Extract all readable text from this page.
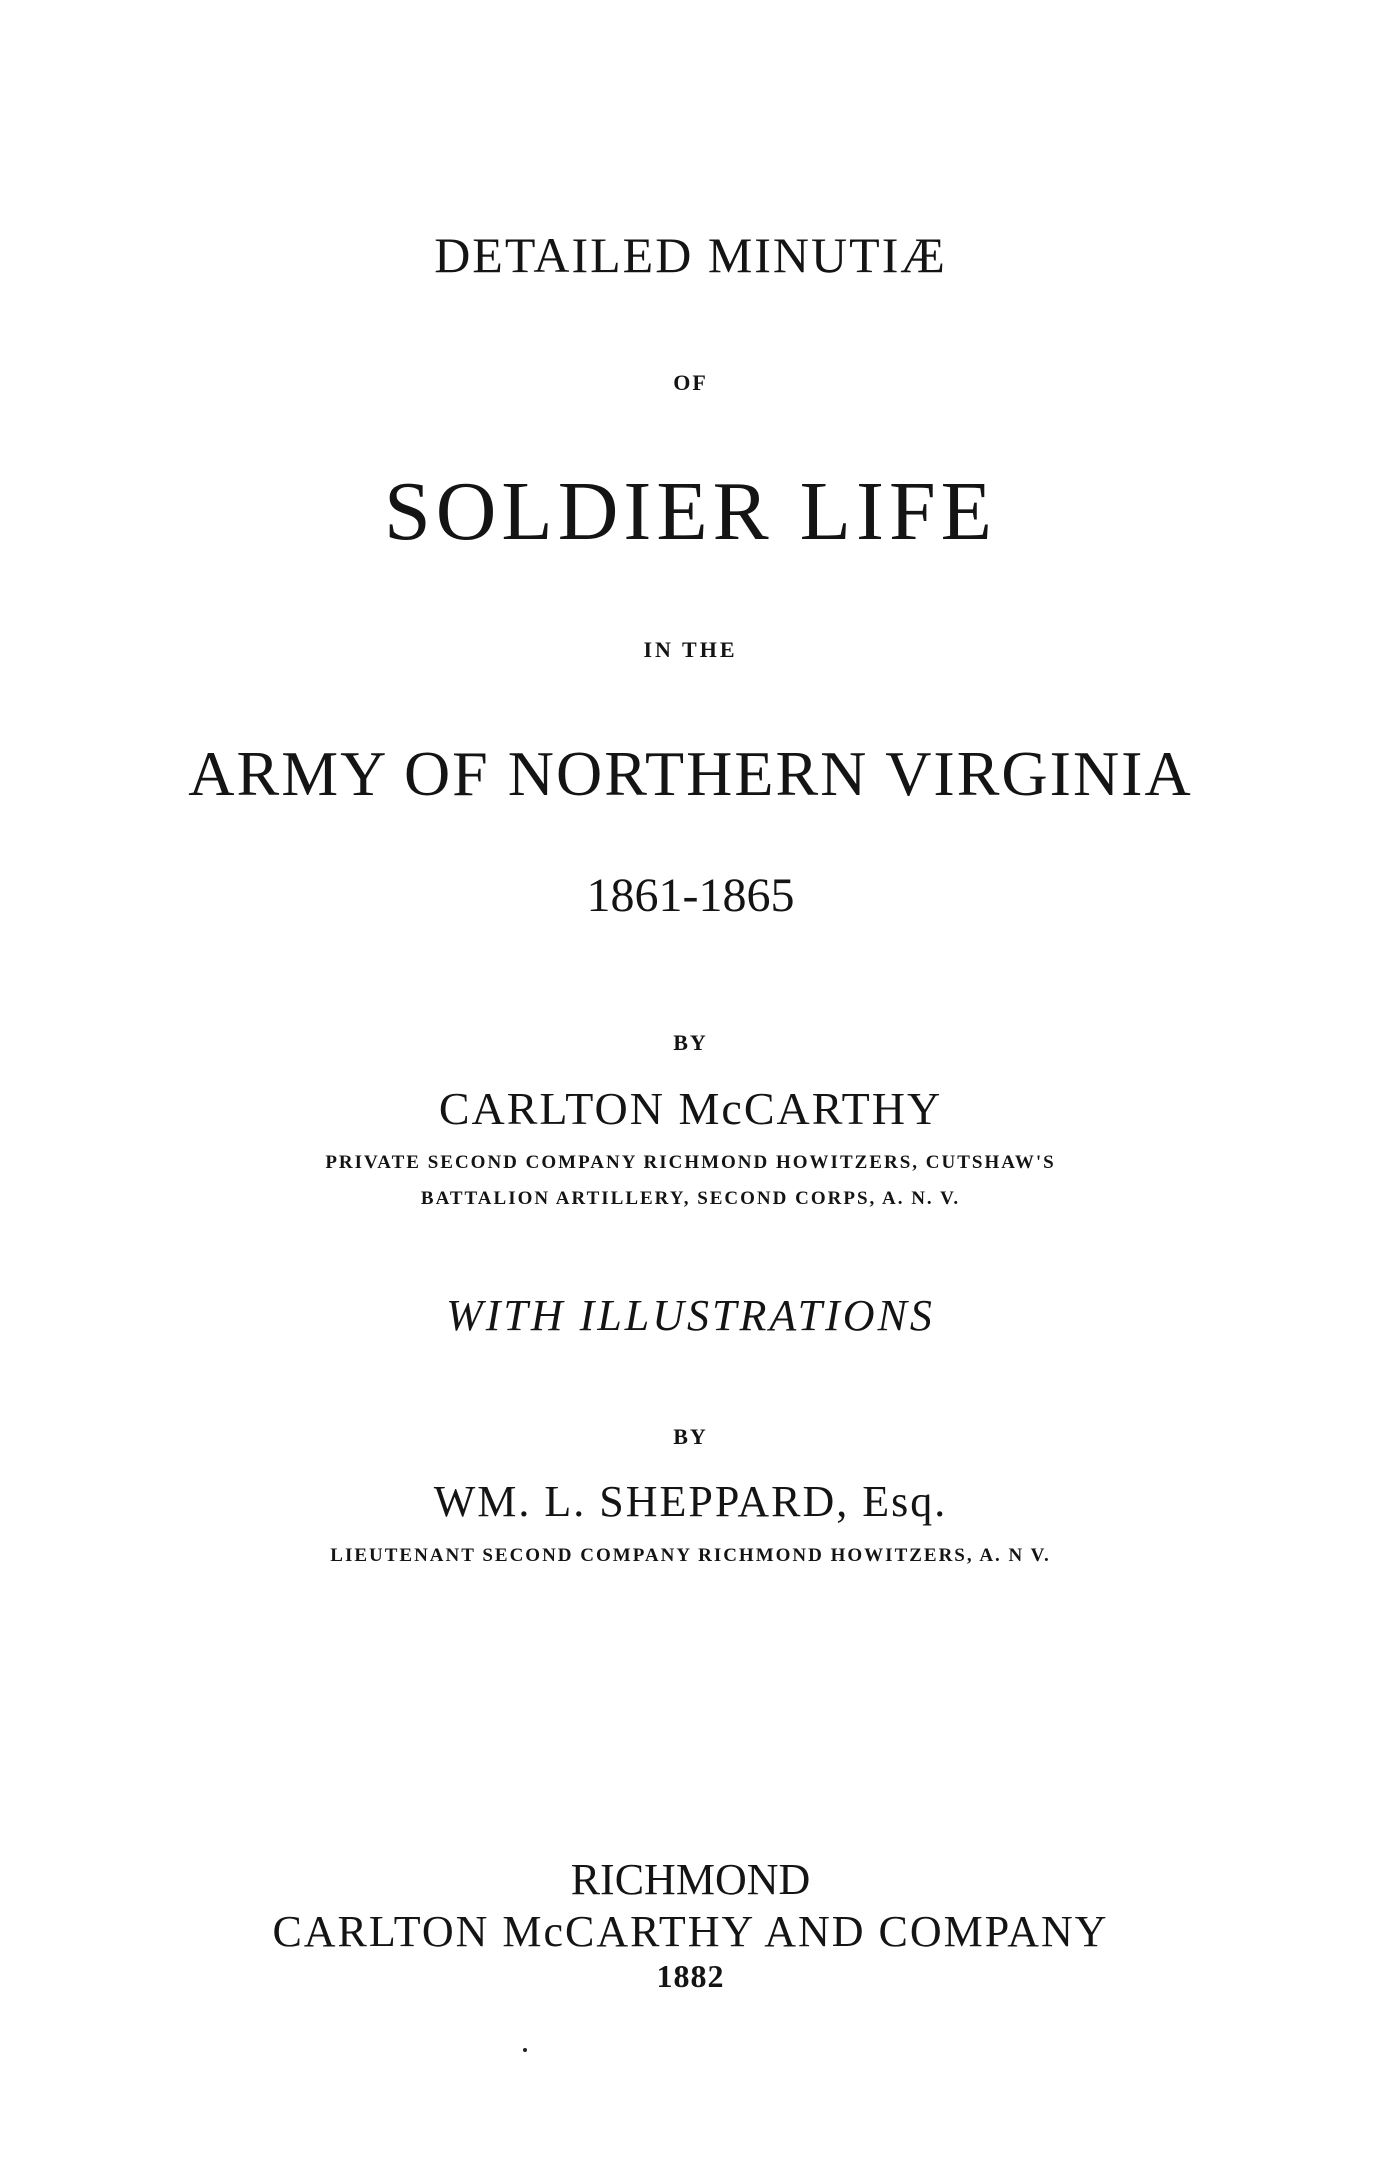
DETAILED MINUTIÆ
OF
SOLDIER LIFE
IN THE
ARMY OF NORTHERN VIRGINIA
1861-1865
BY
CARLTON McCARTHY
PRIVATE SECOND COMPANY RICHMOND HOWITZERS, CUTSHAW'S
BATTALION ARTILLERY, SECOND CORPS, A. N. V.
WITH ILLUSTRATIONS
BY
WM. L. SHEPPARD, Esq.
LIEUTENANT SECOND COMPANY RICHMOND HOWITZERS, A. N V.
RICHMOND
CARLTON McCARTHY AND COMPANY
1882
